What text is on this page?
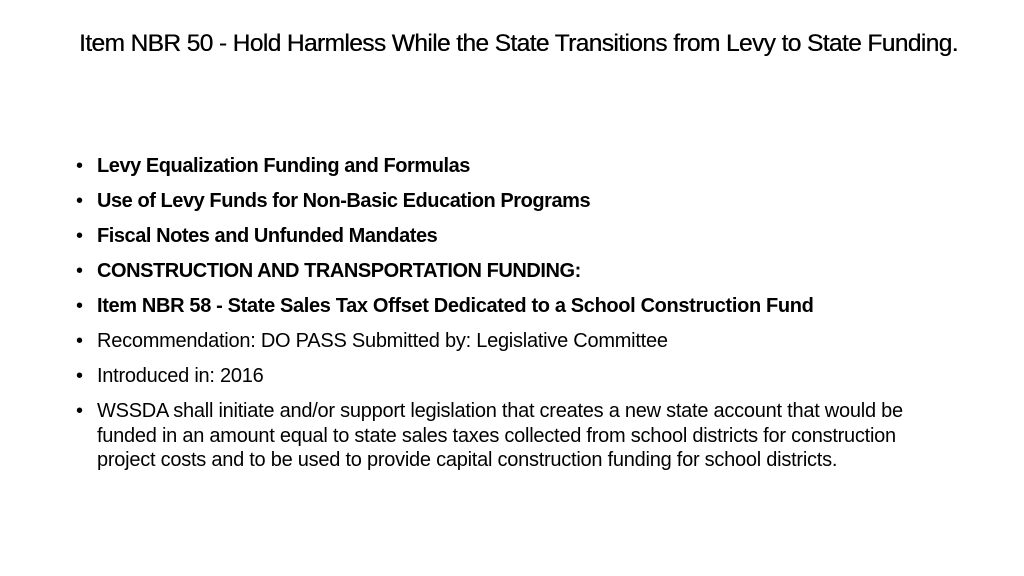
Item NBR 50 - Hold Harmless While the State Transitions from Levy to State Funding.
• Levy Equalization Funding and Formulas
• Use of Levy Funds for Non-Basic Education Programs
• Fiscal Notes and Unfunded Mandates
• CONSTRUCTION AND TRANSPORTATION FUNDING:
• Item NBR 58 - State Sales Tax Offset Dedicated to a School Construction Fund
• Recommendation: DO PASS Submitted by: Legislative Committee
• Introduced in: 2016
• WSSDA shall initiate and/or support legislation that creates a new state account that would be funded in an amount equal to state sales taxes collected from school districts for construction project costs and to be used to provide capital construction funding for school districts.
